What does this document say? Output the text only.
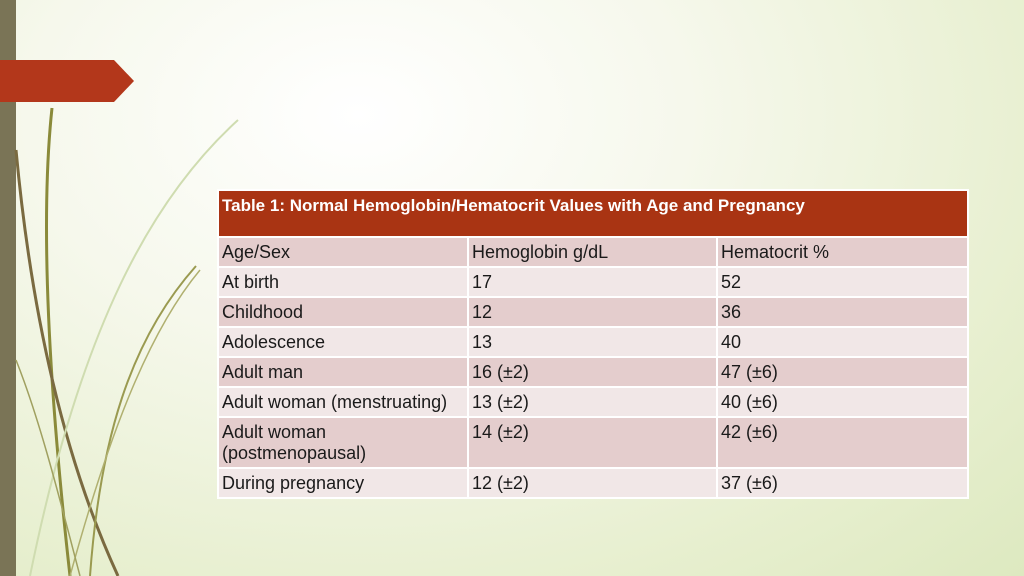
Table 1: Normal Hemoglobin/Hematocrit Values with Age and Pregnancy		
Age/Sex	Hemoglobin g/dL	Hematocrit %
At birth	17	52
Childhood	12	36
Adolescence	13	40
Adult man	16 (±2)	47 (±6)
Adult woman (menstruating)	13 (±2)	40 (±6)
Adult woman (postmenopausal)	14 (±2)	42 (±6)
During pregnancy	12 (±2)	37 (±6)
